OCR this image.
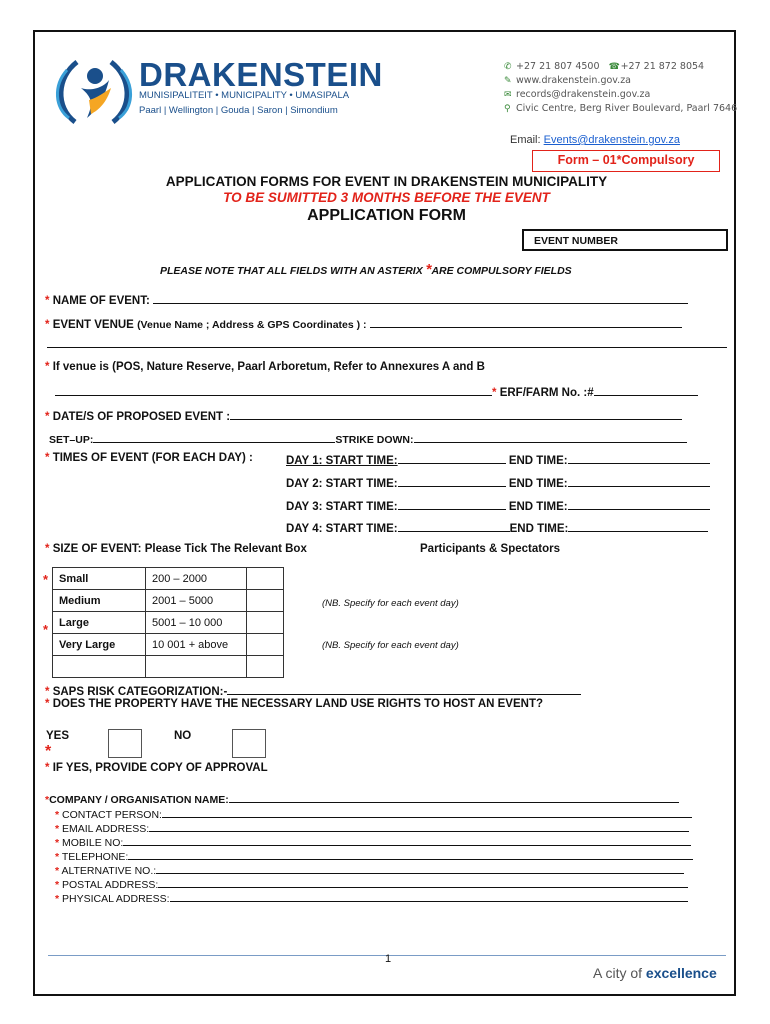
DRAKENSTEIN
MUNISIPALITEIT • MUNICIPALITY • UMASIPALA
Paarl | Wellington | Gouda | Saron | Simondium
✆ +27 21 807 4500 ☎+27 21 872 8054
✎ www.drakenstein.gov.za
✉ records@drakenstein.gov.za
⚲ Civic Centre, Berg River Boulevard, Paarl 7646
Email: Events@drakenstein.gov.za
Form – 01*Compulsory
APPLICATION FORMS FOR EVENT IN DRAKENSTEIN MUNICIPALITY
TO BE SUMITTED 3 MONTHS BEFORE THE EVENT
APPLICATION FORM
EVENT NUMBER
PLEASE NOTE THAT ALL FIELDS WITH AN ASTERIX *ARE COMPULSORY FIELDS
* NAME OF EVENT:
* EVENT VENUE (Venue Name ; Address & GPS Coordinates ) :
* If venue is (POS, Nature Reserve, Paarl Arboretum, Refer to Annexures A and B
* ERF/FARM No. :#
* DATE/S OF PROPOSED EVENT :
SET–UP:	STRIKE DOWN:
* TIMES OF EVENT (FOR EACH DAY) :	DAY 1: START TIME:	END TIME:
DAY 2: START TIME:	END TIME:
DAY 3: START TIME:	END TIME:
DAY 4: START TIME:	END TIME:
* SIZE OF EVENT: Please Tick The Relevant Box	Participants & Spectators
*
*
Small	200 – 2000	
Medium	2001 – 5000	
Large	5001 – 10 000	
Very Large	10 001 + above	

(NB. Specify for each event day)
(NB. Specify for each event day)
* SAPS RISK CATEGORIZATION:-
* DOES THE PROPERTY HAVE THE NECESSARY LAND USE RIGHTS TO HOST AN EVENT?
YES
*
NO
* IF YES, PROVIDE COPY OF APPROVAL
*COMPANY / ORGANISATION NAME:
* CONTACT PERSON:
* EMAIL ADDRESS:
* MOBILE NO:
* TELEPHONE:
* ALTERNATIVE NO.:
* POSTAL ADDRESS:
* PHYSICAL ADDRESS:
1
A city of excellence
